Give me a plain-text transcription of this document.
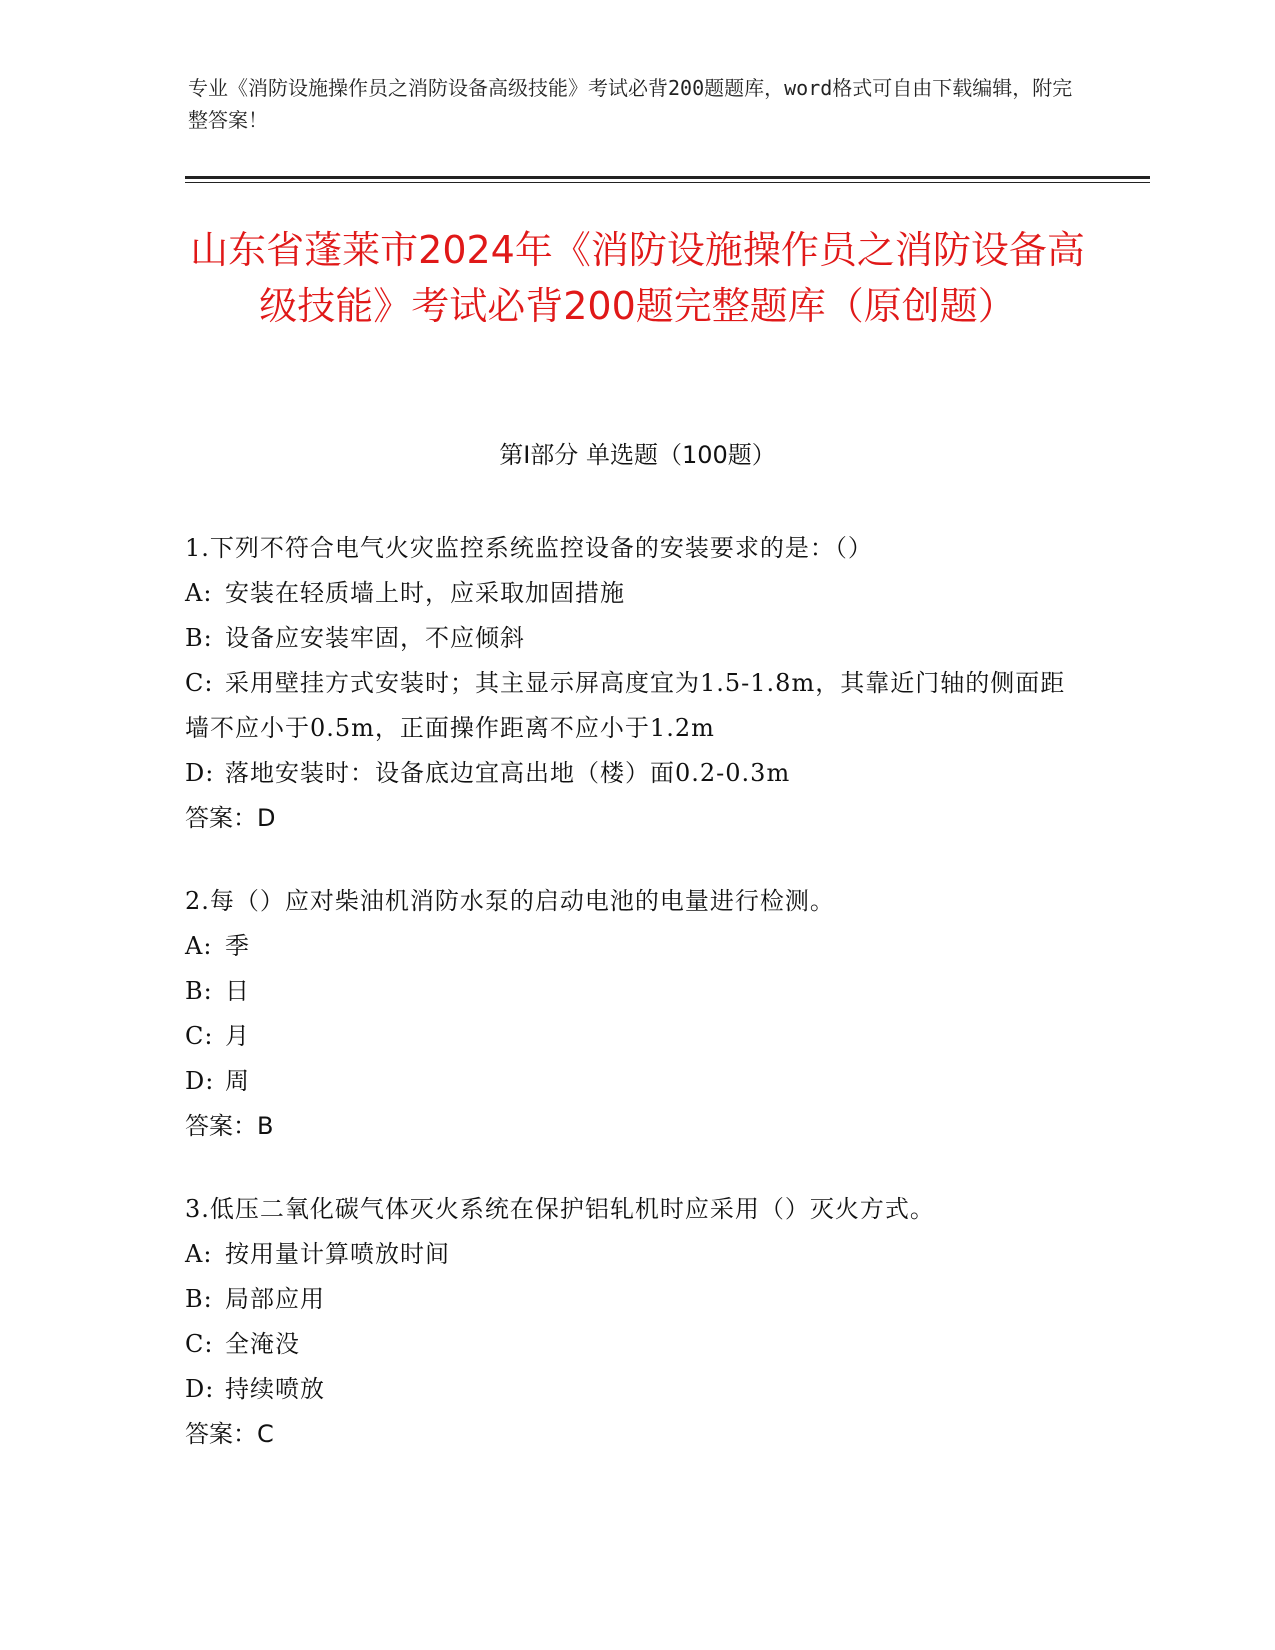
专业《消防设施操作员之消防设备高级技能》考试必背200题题库，word格式可自由下载编辑，附完整答案！
山东省蓬莱市2024年《消防设施操作员之消防设备高级技能》考试必背200题完整题库（原创题）
第I部分 单选题（100题）
1.下列不符合电气火灾监控系统监控设备的安装要求的是：（）
A: 安装在轻质墙上时，应采取加固措施
B: 设备应安装牢固，不应倾斜
C: 采用壁挂方式安装时；其主显示屏高度宜为1.5-1.8m，其靠近门轴的侧面距墙不应小于0.5m，正面操作距离不应小于1.2m
D: 落地安装时：设备底边宜高出地（楼）面0.2-0.3m
答案：D
2.每（）应对柴油机消防水泵的启动电池的电量进行检测。
A: 季
B: 日
C: 月
D: 周
答案：B
3.低压二氧化碳气体灭火系统在保护铝轧机时应采用（）灭火方式。
A: 按用量计算喷放时间
B: 局部应用
C: 全淹没
D: 持续喷放
答案：C
